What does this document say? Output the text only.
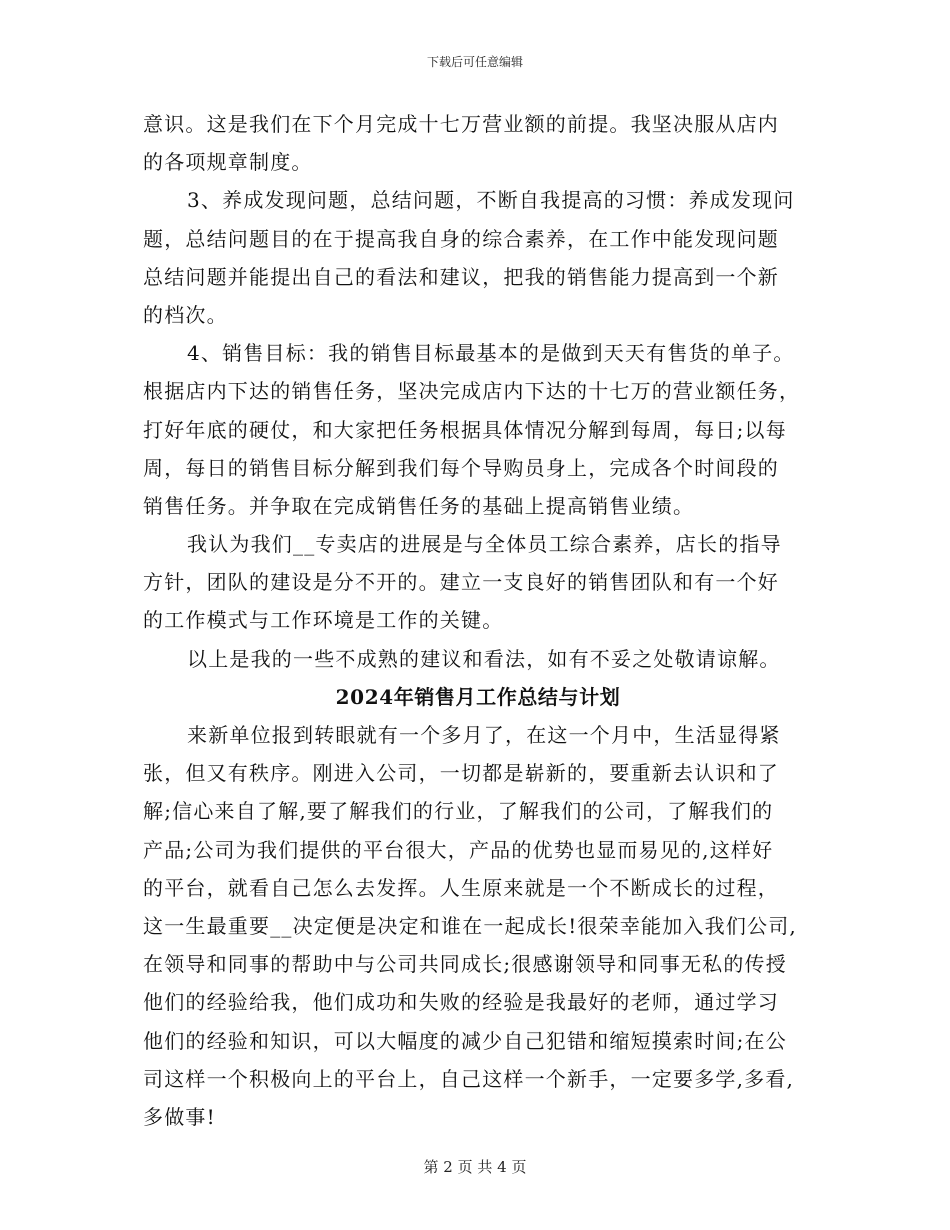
下载后可任意编辑
意识。这是我们在下个月完成十七万营业额的前提。我坚决服从店内
的各项规章制度。
3、养成发现问题，总结问题，不断自我提高的习惯：养成发现问
题，总结问题目的在于提高我自身的综合素养，在工作中能发现问题
总结问题并能提出自己的看法和建议，把我的销售能力提高到一个新
的档次。
4、销售目标：我的销售目标最基本的是做到天天有售货的单子。
根据店内下达的销售任务，坚决完成店内下达的十七万的营业额任务，
打好年底的硬仗，和大家把任务根据具体情况分解到每周，每日;以每
周，每日的销售目标分解到我们每个导购员身上，完成各个时间段的
销售任务。并争取在完成销售任务的基础上提高销售业绩。
我认为我们__专卖店的进展是与全体员工综合素养，店长的指导
方针，团队的建设是分不开的。建立一支良好的销售团队和有一个好
的工作模式与工作环境是工作的关键。
以上是我的一些不成熟的建议和看法，如有不妥之处敬请谅解。
2024年销售月工作总结与计划
来新单位报到转眼就有一个多月了，在这一个月中，生活显得紧
张，但又有秩序。刚进入公司，一切都是崭新的，要重新去认识和了
解;信心来自了解,要了解我们的行业，了解我们的公司，了解我们的
产品;公司为我们提供的平台很大，产品的优势也显而易见的,这样好
的平台，就看自己怎么去发挥。人生原来就是一个不断成长的过程，
这一生最重要__决定便是决定和谁在一起成长!很荣幸能加入我们公司,
在领导和同事的帮助中与公司共同成长;很感谢领导和同事无私的传授
他们的经验给我，他们成功和失败的经验是我最好的老师，通过学习
他们的经验和知识，可以大幅度的减少自己犯错和缩短摸索时间;在公
司这样一个积极向上的平台上，自己这样一个新手，一定要多学,多看,
多做事!
第 2 页 共 4 页
